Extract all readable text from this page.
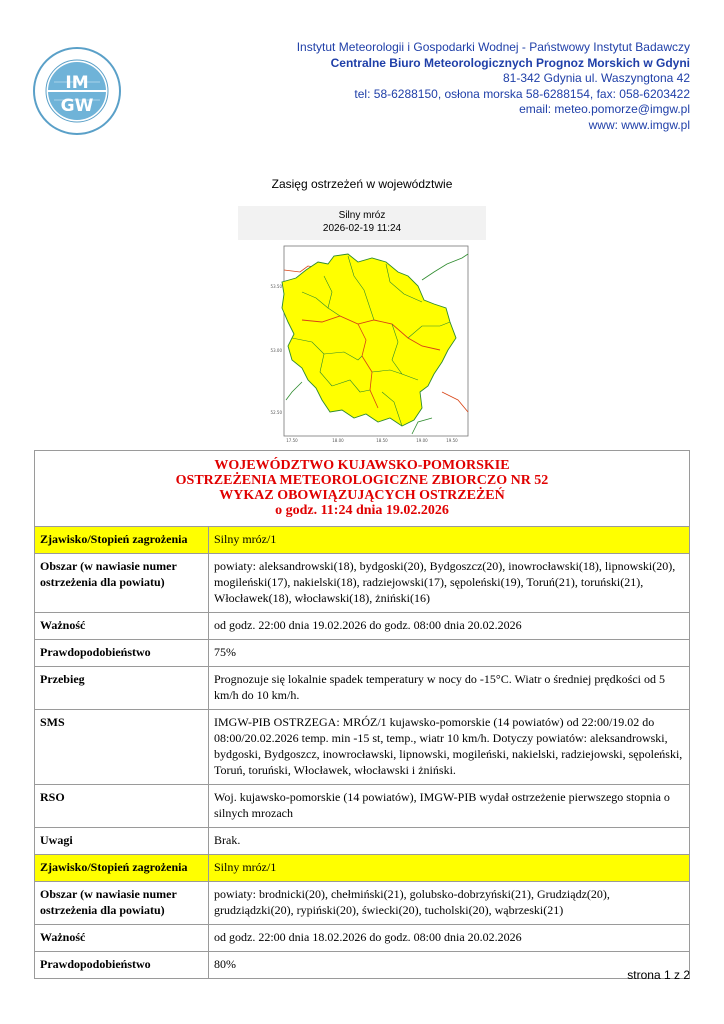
IM
GW
Instytut Meteorologii i Gospodarki Wodnej - Państwowy Instytut Badawczy
Centralne Biuro Meteorologicznych Prognoz Morskich w Gdyni
81-342 Gdynia ul. Waszyngtona 42
tel: 58-6288150, osłona morska 58-6288154, fax: 058-6203422
email: meteo.pomorze@imgw.pl
www: www.imgw.pl
Zasięg ostrzeżeń w województwie
Silny mróz
2026-02-19 11:24
53.50
53.00
52.50
17.50	18.00	18.50	19.00	19.50
WOJEWÓDZTWO KUJAWSKO-POMORSKIE
OSTRZEŻENIA METEOROLOGICZNE ZBIORCZO NR 52
WYKAZ OBOWIĄZUJĄCYCH OSTRZEŻEŃ
o godz. 11:24 dnia 19.02.2026	

Zjawisko/Stopień zagrożenia	Silny mróz/1
Obszar (w nawiasie numer ostrzeżenia dla powiatu)	powiaty: aleksandrowski(18), bydgoski(20), Bydgoszcz(20), inowrocławski(18), lipnowski(20), mogileński(17), nakielski(18), radziejowski(17), sępoleński(19), Toruń(21), toruński(21), Włocławek(18), włocławski(18), żniński(16)
Ważność	od godz. 22:00 dnia 19.02.2026 do godz. 08:00 dnia 20.02.2026
Prawdopodobieństwo	75%
Przebieg	Prognozuje się lokalnie spadek temperatury w nocy do -15°C. Wiatr o średniej prędkości od 5 km/h do 10 km/h.
SMS	IMGW-PIB OSTRZEGA: MRÓZ/1 kujawsko-pomorskie (14 powiatów) od 22:00/19.02 do 08:00/20.02.2026 temp. min -15 st, temp., wiatr 10 km/h. Dotyczy powiatów: aleksandrowski, bydgoski, Bydgoszcz, inowrocławski, lipnowski, mogileński, nakielski, radziejowski, sępoleński, Toruń, toruński, Włocławek, włocławski i żniński.
RSO	Woj. kujawsko-pomorskie (14 powiatów), IMGW-PIB wydał ostrzeżenie pierwszego stopnia o silnych mrozach
Uwagi	Brak.
Zjawisko/Stopień zagrożenia	Silny mróz/1
Obszar (w nawiasie numer ostrzeżenia dla powiatu)	powiaty: brodnicki(20), chełmiński(21), golubsko-dobrzyński(21), Grudziądz(20), grudziądzki(20), rypiński(20), świecki(20), tucholski(20), wąbrzeski(21)
Ważność	od godz. 22:00 dnia 18.02.2026 do godz. 08:00 dnia 20.02.2026
Prawdopodobieństwo	80%
strona 1 z 2
